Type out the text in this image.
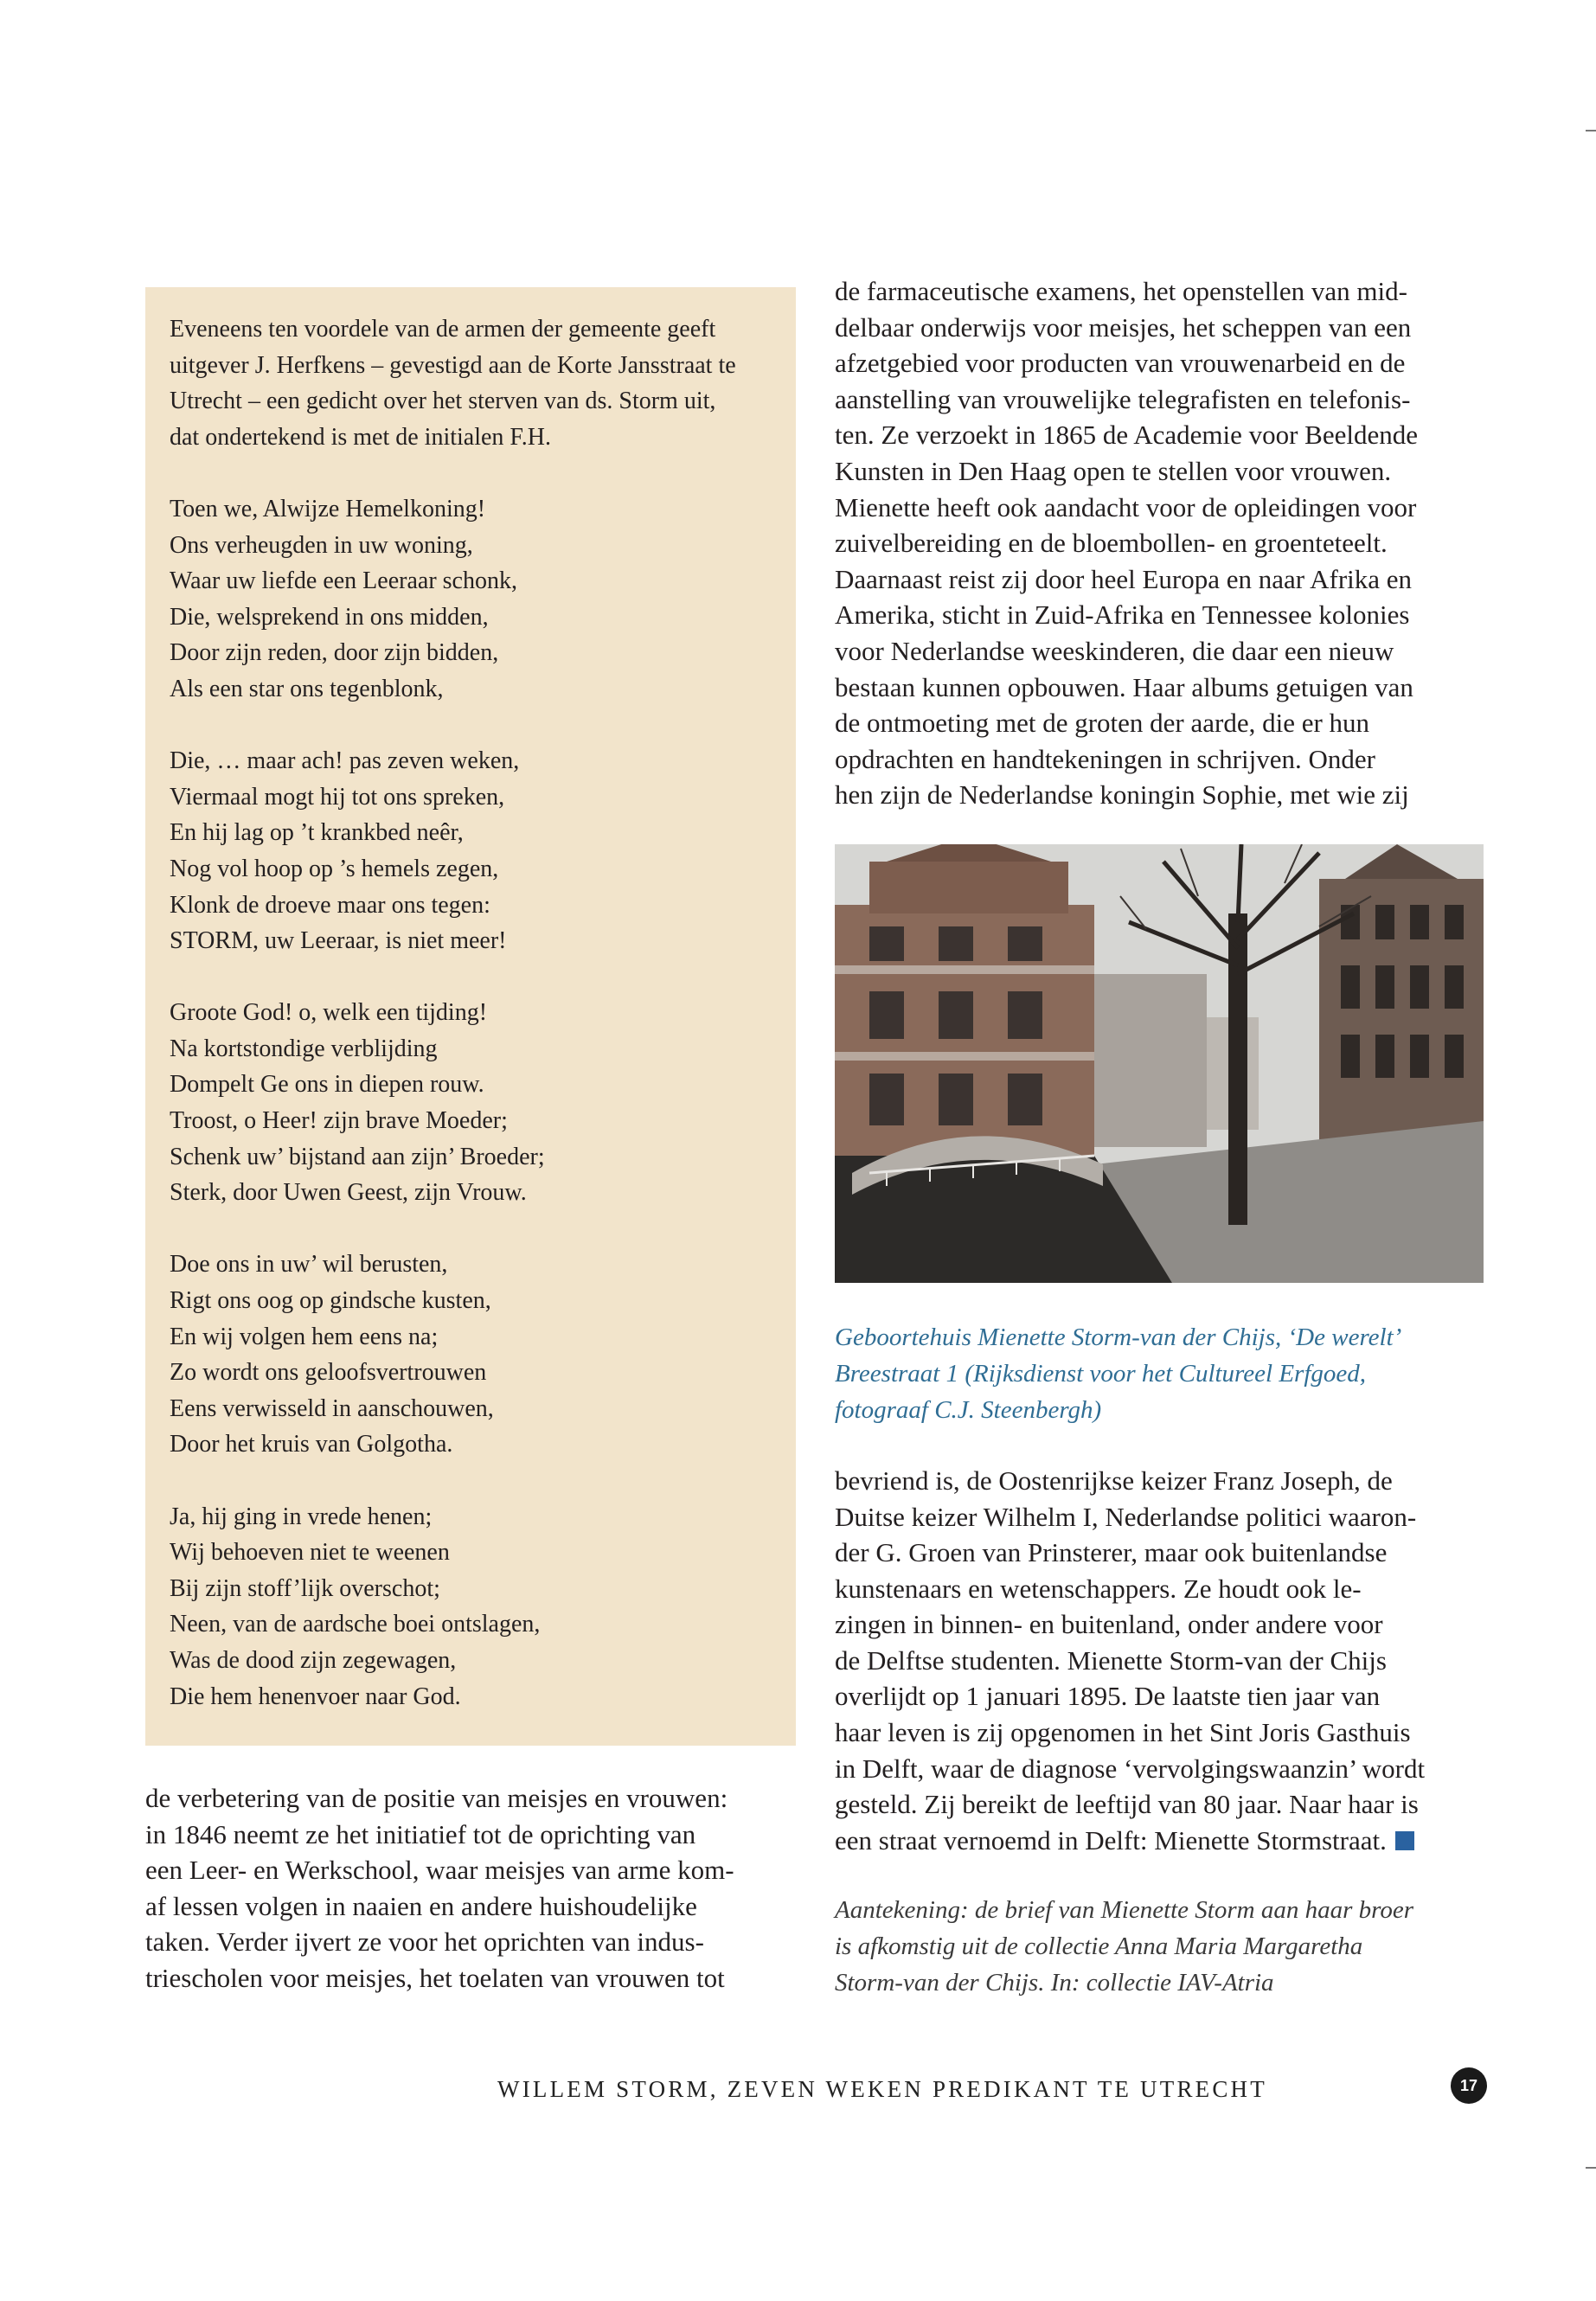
Eveneens ten voordele van de armen der gemeente geeft
uitgever J. Herfkens – gevestigd aan de Korte Jansstraat te
Utrecht – een gedicht over het sterven van ds. Storm uit,
dat ondertekend is met de initialen F.H.
Toen we, Alwijze Hemelkoning!
Ons verheugden in uw woning,
Waar uw liefde een Leeraar schonk,
Die, welsprekend in ons midden,
Door zijn reden, door zijn bidden,
Als een star ons tegenblonk,
Die, … maar ach! pas zeven weken,
Viermaal mogt hij tot ons spreken,
En hij lag op ’t krankbed neêr,
Nog vol hoop op ’s hemels zegen,
Klonk de droeve maar ons tegen:
STORM, uw Leeraar, is niet meer!
Groote God! o, welk een tijding!
Na kortstondige verblijding
Dompelt Ge ons in diepen rouw.
Troost, o Heer! zijn brave Moeder;
Schenk uw’ bijstand aan zijn’ Broeder;
Sterk, door Uwen Geest, zijn Vrouw.
Doe ons in uw’ wil berusten,
Rigt ons oog op gindsche kusten,
En wij volgen hem eens na;
Zo wordt ons geloofsvertrouwen
Eens verwisseld in aanschouwen,
Door het kruis van Golgotha.
Ja, hij ging in vrede henen;
Wij behoeven niet te weenen
Bij zijn stoff’lijk overschot;
Neen, van de aardsche boei ontslagen,
Was de dood zijn zegewagen,
Die hem henenvoer naar God.
de verbetering van de positie van meisjes en vrouwen:
in 1846 neemt ze het initiatief tot de oprichting van
een Leer- en Werkschool, waar meisjes van arme kom-
af lessen volgen in naaien en andere huishoudelijke
taken. Verder ijvert ze voor het oprichten van indus-
triescholen voor meisjes, het toelaten van vrouwen tot
de farmaceutische examens, het openstellen van mid-
delbaar onderwijs voor meisjes, het scheppen van een
afzetgebied voor producten van vrouwenarbeid en de
aanstelling van vrouwelijke telegrafisten en telefonis-
ten. Ze verzoekt in 1865 de Academie voor Beeldende
Kunsten in Den Haag open te stellen voor vrouwen.
Mienette heeft ook aandacht voor de opleidingen voor
zuivelbereiding en de bloembollen- en groenteteelt.
Daarnaast reist zij door heel Europa en naar Afrika en
Amerika, sticht in Zuid-Afrika en Tennessee kolonies
voor Nederlandse weeskinderen, die daar een nieuw
bestaan kunnen opbouwen. Haar albums getuigen van
de ontmoeting met de groten der aarde, die er hun
opdrachten en handtekeningen in schrijven. Onder
hen zijn de Nederlandse koningin Sophie, met wie zij
Geboortehuis Mienette Storm-van der Chijs, ‘De werelt’
Breestraat 1 (Rijksdienst voor het Cultureel Erfgoed,
fotograaf C.J. Steenbergh)
bevriend is, de Oostenrijkse keizer Franz Joseph, de
Duitse keizer Wilhelm I, Nederlandse politici waaron-
der G. Groen van Prinsterer, maar ook buitenlandse
kunstenaars en wetenschappers. Ze houdt ook le-
zingen in binnen- en buitenland, onder andere voor
de Delftse studenten. Mienette Storm-van der Chijs
overlijdt op 1 januari 1895. De laatste tien jaar van
haar leven is zij opgenomen in het Sint Joris Gasthuis
in Delft, waar de diagnose ‘vervolgingswaanzin’ wordt
gesteld. Zij bereikt de leeftijd van 80 jaar. Naar haar is
een straat vernoemd in Delft: Mienette Stormstraat.
Aantekening: de brief van Mienette Storm aan haar broer
is afkomstig uit de collectie Anna Maria Margaretha
Storm-van der Chijs. In: collectie IAV-Atria
WILLEM STORM, ZEVEN WEKEN PREDIKANT TE UTRECHT	17
